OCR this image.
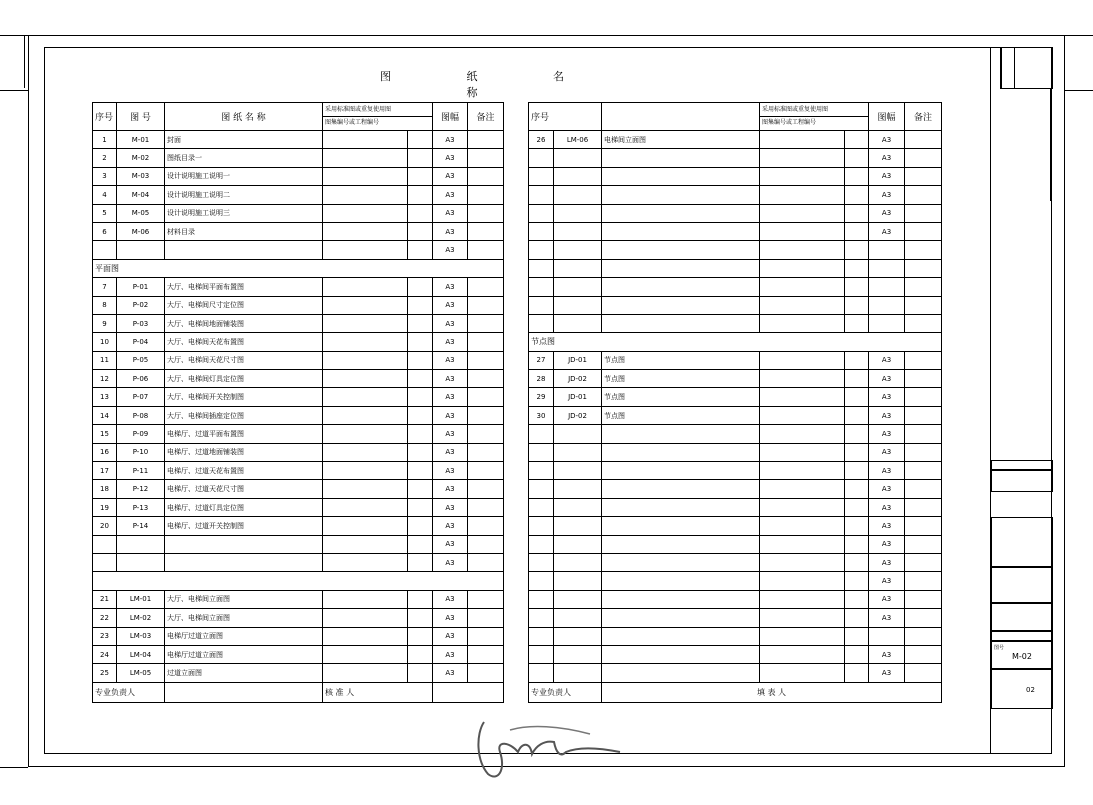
图 纸 名 称
序号	图 号	图 纸 名 称	采用标准图或重复使用图
图集编号或工程编号		图幅	备注
1	M-01	封面			A3	
2	M-02	图纸目录一			A3	
3	M-03	设计说明施工说明一			A3	
4	M-04	设计说明施工说明二			A3	
5	M-05	设计说明施工说明三			A3	
6	M-06	材料目录			A3	
					A3	
平面图						
7	P-01	大厅、电梯间平面布置图			A3	
8	P-02	大厅、电梯间尺寸定位图			A3	
9	P-03	大厅、电梯间地面铺装图			A3	
10	P-04	大厅、电梯间天花布置图			A3	
11	P-05	大厅、电梯间天花尺寸图			A3	
12	P-06	大厅、电梯间灯具定位图			A3	
13	P-07	大厅、电梯间开关控制图			A3	
14	P-08	大厅、电梯间插座定位图			A3	
15	P-09	电梯厅、过道平面布置图			A3	
16	P-10	电梯厅、过道地面铺装图			A3	
17	P-11	电梯厅、过道天花布置图			A3	
18	P-12	电梯厅、过道天花尺寸图			A3	
19	P-13	电梯厅、过道灯具定位图			A3	
20	P-14	电梯厅、过道开关控制图			A3	
					A3	
					A3	

21	LM-01	大厅、电梯间立面图			A3	
22	LM-02	大厅、电梯间立面图			A3	
23	LM-03	电梯厅过道立面图			A3	
24	LM-04	电梯厅过道立面图			A3	
25	LM-05	过道立面图			A3	
专业负责人			核 准 人			
序号			采用标准图或重复使用图
图集编号或工程编号		图幅	备注
26	LM-06	电梯间立面图			A3	
					A3	
					A3	
					A3	
					A3	
					A3	

节点图						
27	JD-01	节点图			A3	
28	JD-02	节点图			A3	
29	JD-01	节点图			A3	
30	JD-02	节点图			A3	
					A3	
					A3	
					A3	
					A3	
					A3	
					A3	
					A3	
					A3	
					A3	
					A3	
					A3	

					A3	
					A3	
专业负责人		填 表 人				
图号
M-02
02
